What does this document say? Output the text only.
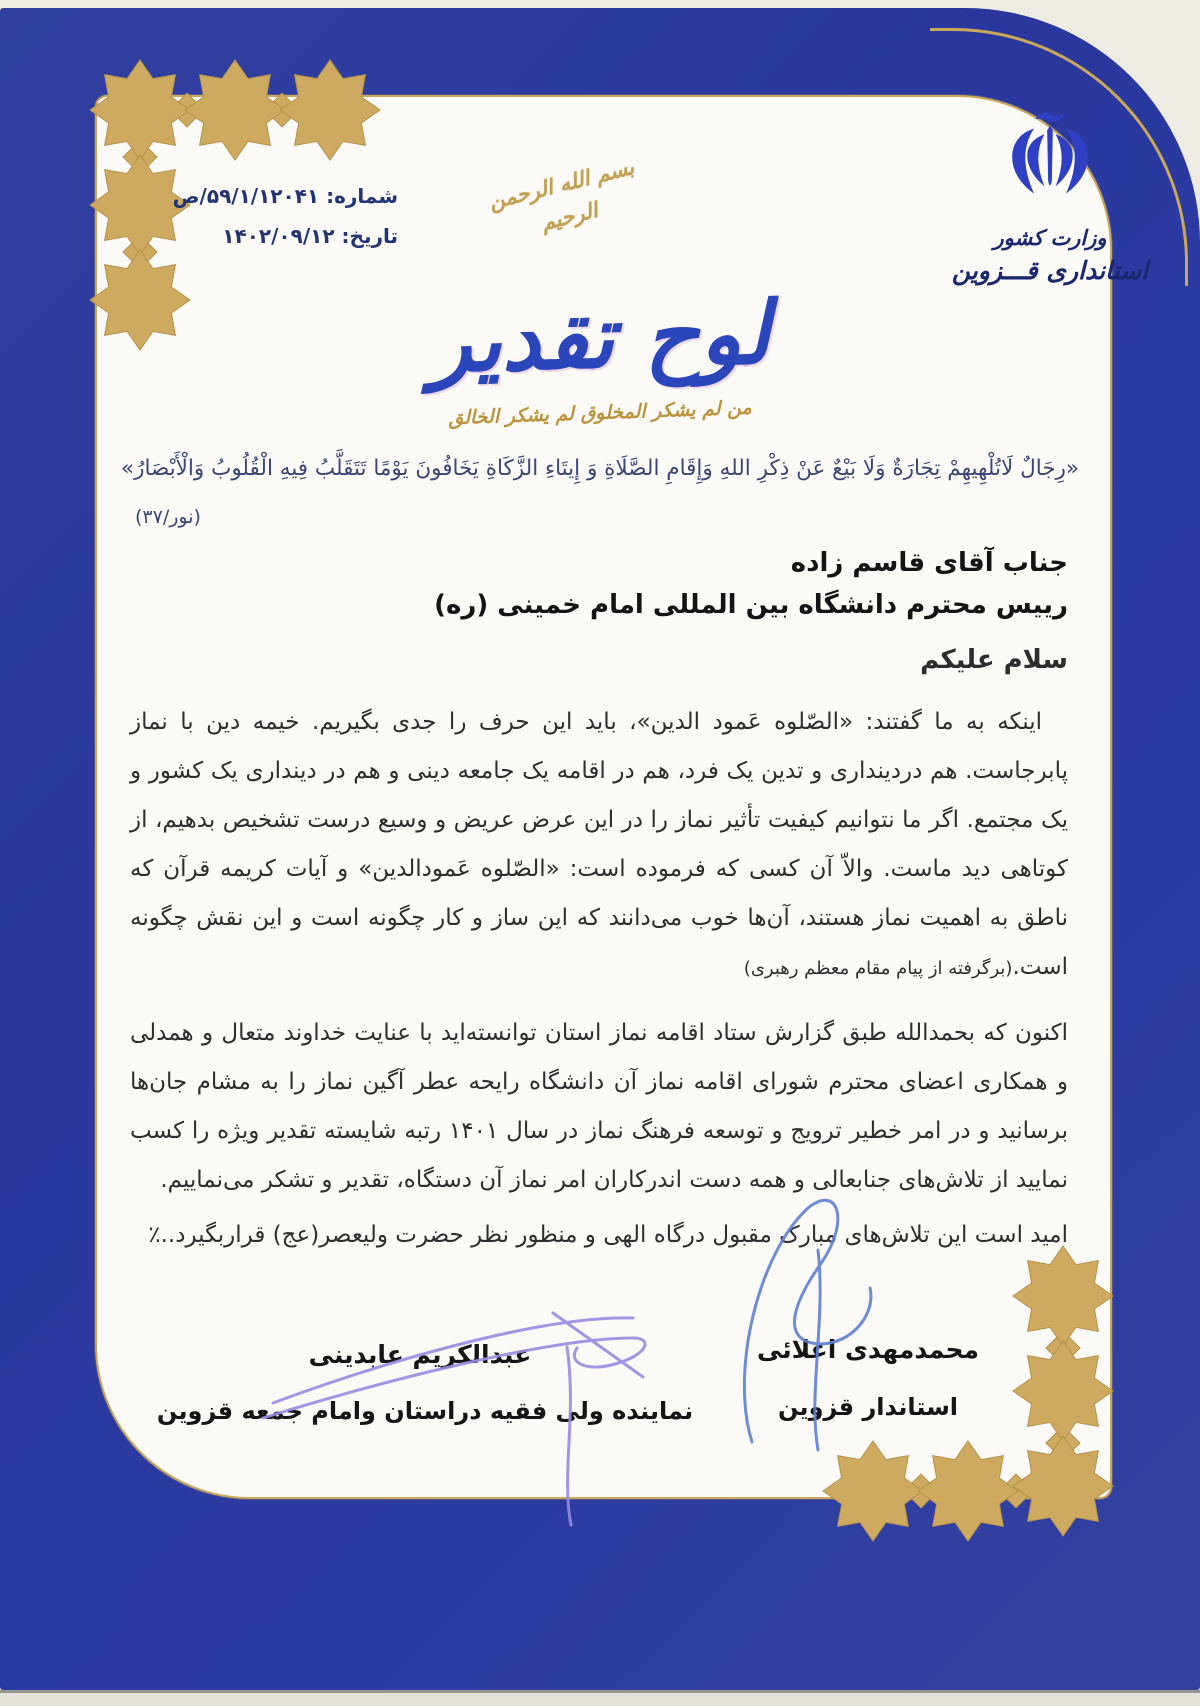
شماره: ۵۹/۱/۱۲۰۴۱/ص
تاریخ: ۱۴۰۲/۰۹/۱۲	وزارت کشور
استانداری قـــزوین
بسم الله الرحمن الرحیم
لوح تقدیر
من لم یشکر المخلوق لم یشکر الخالق
«رِجَالٌ لَاتُلْهِيهِمْ تِجَارَةٌ وَلَا بَيْعٌ عَنْ ذِكْرِ اللهِ وَإِقَامِ الصَّلَاةِ وَ إِيتَاءِ الزَّكَاةِ يَخَافُونَ يَوْمًا تَتَقَلَّبُ فِيهِ الْقُلُوبُ وَالْأَبْصَارُ»
(نور/۳۷)
جناب آقای قاسم زاده
رییس محترم دانشگاه بین المللی امام خمینی (ره)
سلام علیکم

اینکه به ما گفتند: «الصّلوه عَمود الدین»، باید این حرف را جدی بگیریم. خیمه دین با نماز پابرجاست. هم دردینداری و تدین یک فرد، هم در اقامه یک جامعه دینی و هم در دینداری یک کشور و یک مجتمع. اگر ما نتوانیم کیفیت تأثیر نماز را در این عرض عریض و وسیع درست تشخیص بدهیم، از کوتاهی دید ماست. والاّ آن کسی که فرموده است: «الصّلوه عَمودالدین» و آیات کریمه قرآن که ناطق به اهمیت نماز هستند، آن‌ها خوب می‌دانند که این ساز و کار چگونه است و این نقش چگونه است.(برگرفته از پیام مقام معظم رهبری)

اکنون که بحمدالله طبق گزارش ستاد اقامه نماز استان توانسته‌اید با عنایت خداوند متعال و همدلی و همکاری اعضای محترم شورای اقامه نماز آن دانشگاه رایحه عطر آگین نماز را به مشام جان‌ها برسانید و در امر خطیر ترویج و توسعه فرهنگ نماز در سال ۱۴۰۱ رتبه شایسته تقدیر ویژه را کسب نمایید از تلاش‌های جنابعالی و همه دست اندرکاران امر نماز آن دستگاه، تقدیر و تشکر می‌نماییم.

امید است این تلاش‌های مبارک مقبول درگاه الهی و منظور نظر حضرت ولیعصر(عج) قراربگیرد..٪

محمدمهدی اعلائی
استاندار قزوین
عبدالکریم عابدینی
نماینده ولی فقیه دراستان وامام جمعه قزوین
